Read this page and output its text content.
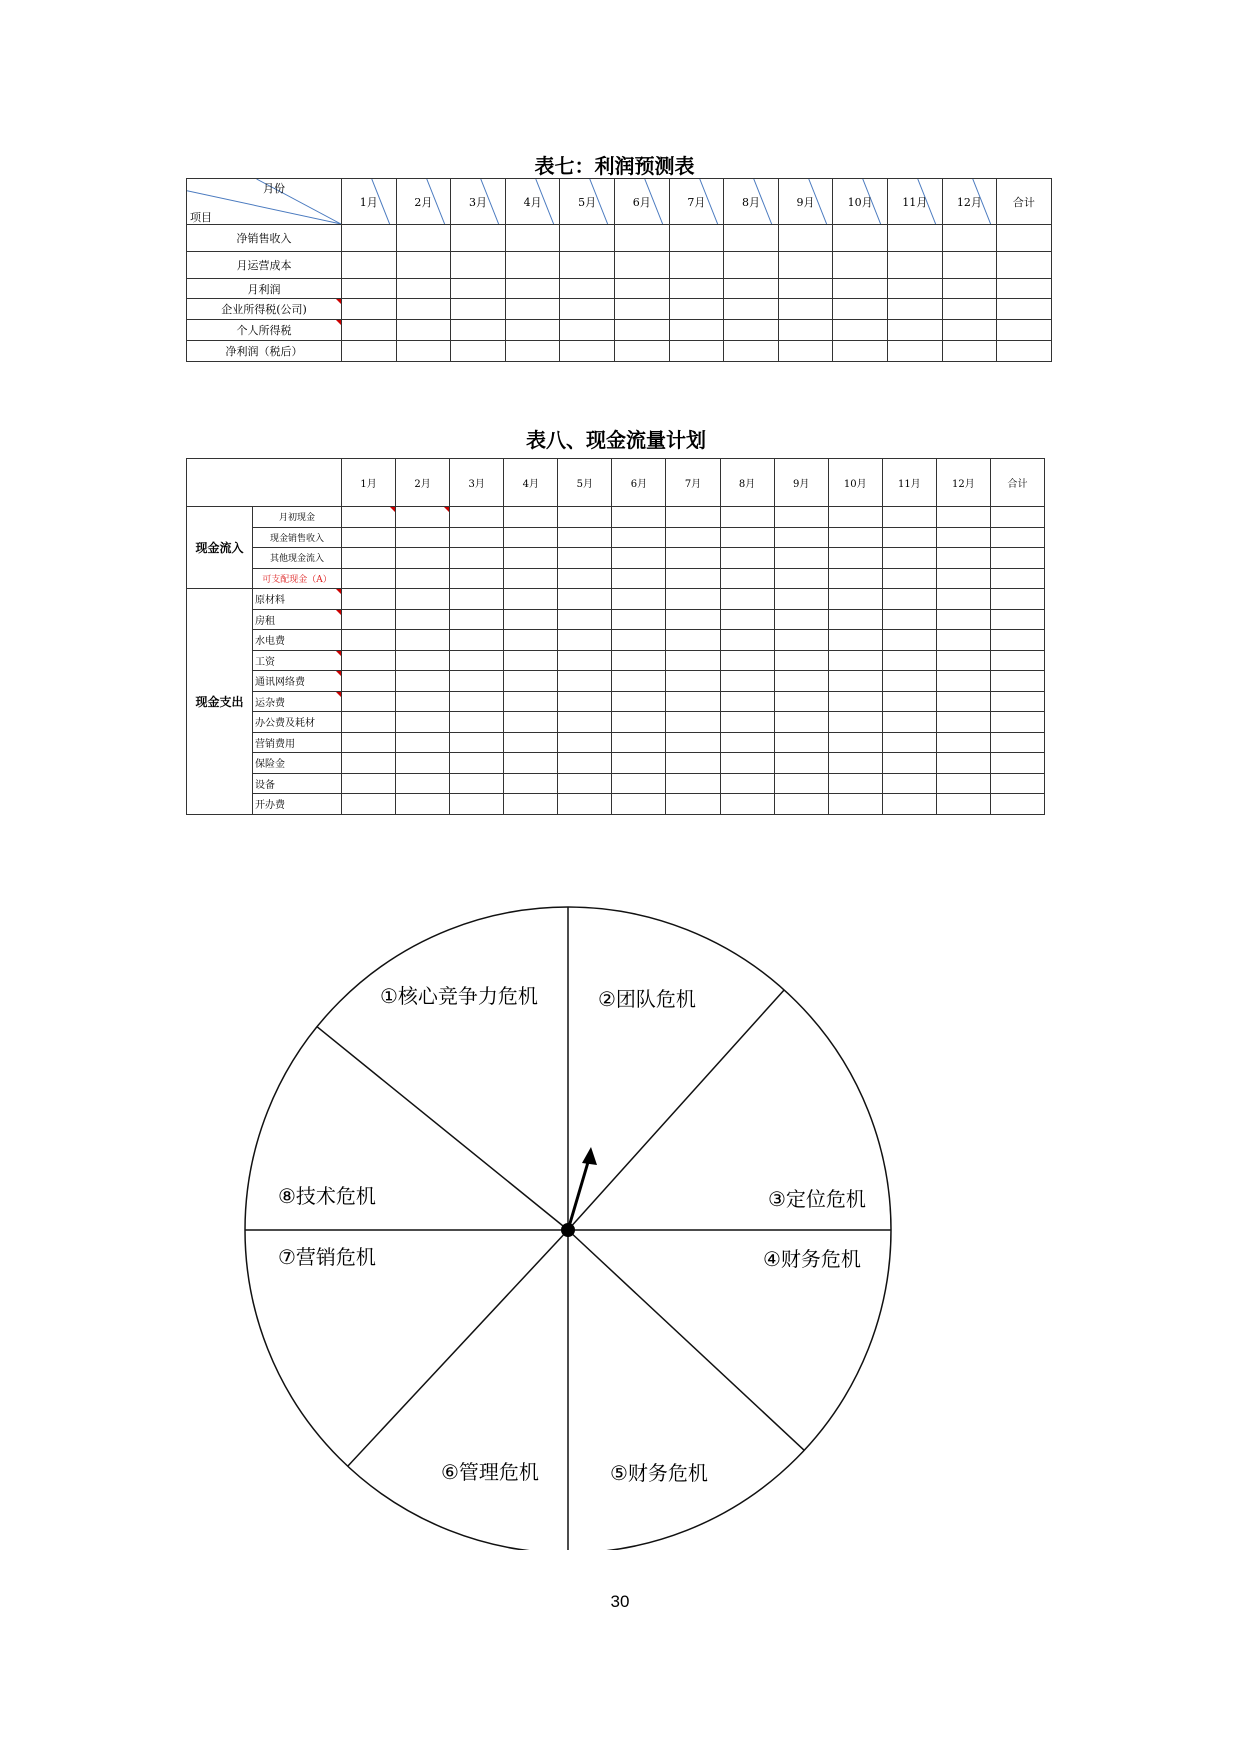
表七：利润预测表
月份
项目	1月	2月	3月	4月	5月	6月	7月	8月	9月	10月	11月	12月	合计
净销售收入													
月运营成本													
月利润													
企业所得税(公司)

个人所得税

净利润（税后）													
表八、现金流量计划
		1月	2月	3月	4月	5月	6月	7月	8月	9月	10月	11月	12月	合计
现金流入	月初现金	

	现金销售收入													
	其他现金流入													
	可支配现金（A）													
现金支出	原材料

	房租

	水电费													
	工资

	通讯网络费

	运杂费

	办公费及耗材													
	营销费用													
	保险金													
	设备													
	开办费													
①核心竞争力危机	②团队危机
③定位危机
④财务危机
⑤财务危机
⑥管理危机
⑦营销危机
⑧技术危机
30
